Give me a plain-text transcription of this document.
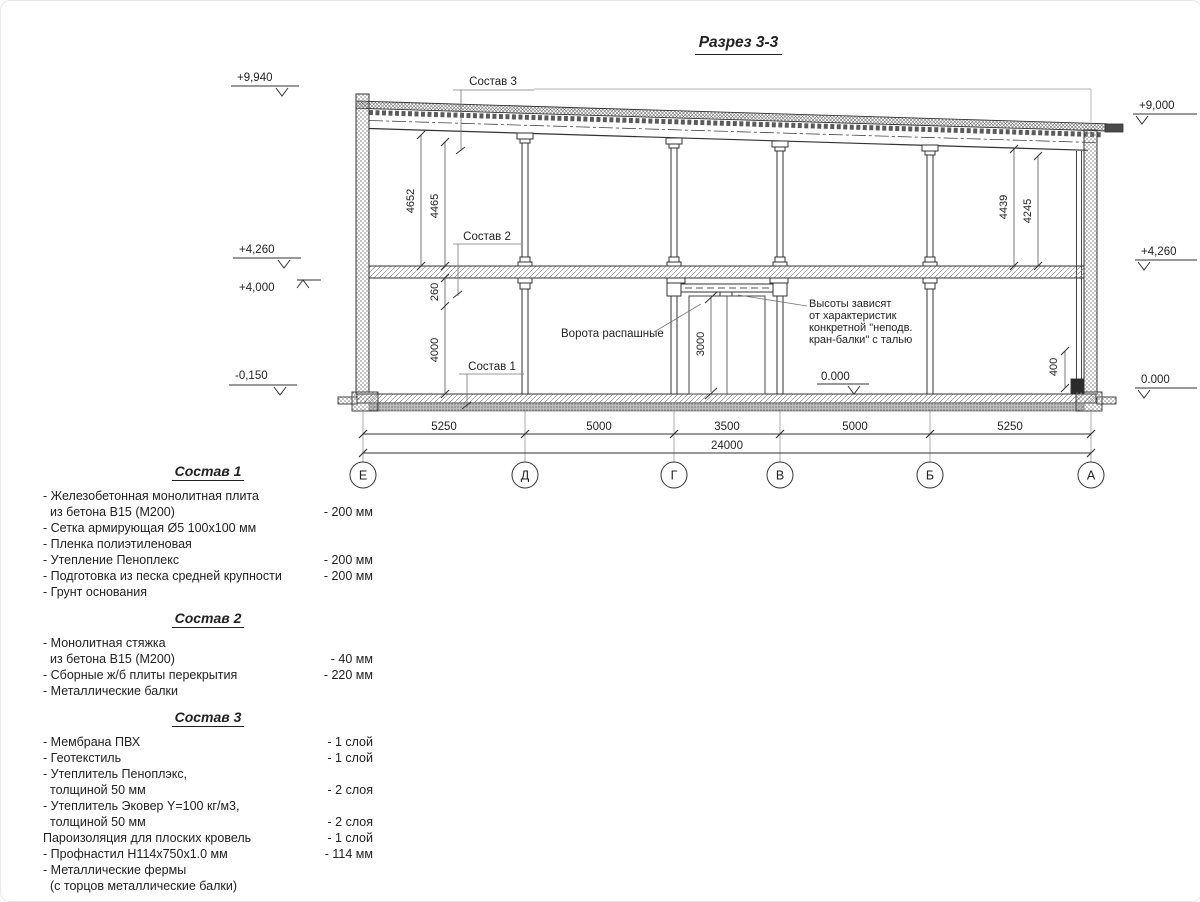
Разрез 3-3
3000
4652 4465
260
4000
4439 4245
400
+9,940
+4,260
+4,000
-0,150
+9,000
+4,260
0.000
0.000
Состав 3
Состав 2
Состав 1
Ворота распашные
Высоты зависят
от характеристик
конкретной "неподв.
кран-балки" с талью
5250	5000	3500	5000	5250
24000
Е	Д	Г	В	Б	А
Состав 1
- Железобетонная монолитная плита
из бетона В15 (М200)	- 200 мм
- Сетка армирующая Ø5 100х100 мм
- Пленка полиэтиленовая
- Утепление Пеноплекс	- 200 мм
- Подготовка из песка средней крупности	- 200 мм
- Грунт основания
Состав 2
- Монолитная стяжка
из бетона В15 (М200)	- 40 мм
- Сборные ж/б плиты перекрытия	- 220 мм
- Металлические балки
Состав 3
- Мембрана ПВХ	- 1 слой
- Геотекстиль	- 1 слой
- Утеплитель Пеноплэкс,
толщиной 50 мм	- 2 слоя
- Утеплитель Эковер Y=100 кг/м3,
толщиной 50 мм	- 2 слоя
Пароизоляция для плоских кровель	- 1 слой
- Профнастил Н114х750х1.0 мм	- 114 мм
- Металлические фермы
(с торцов металлические балки)
